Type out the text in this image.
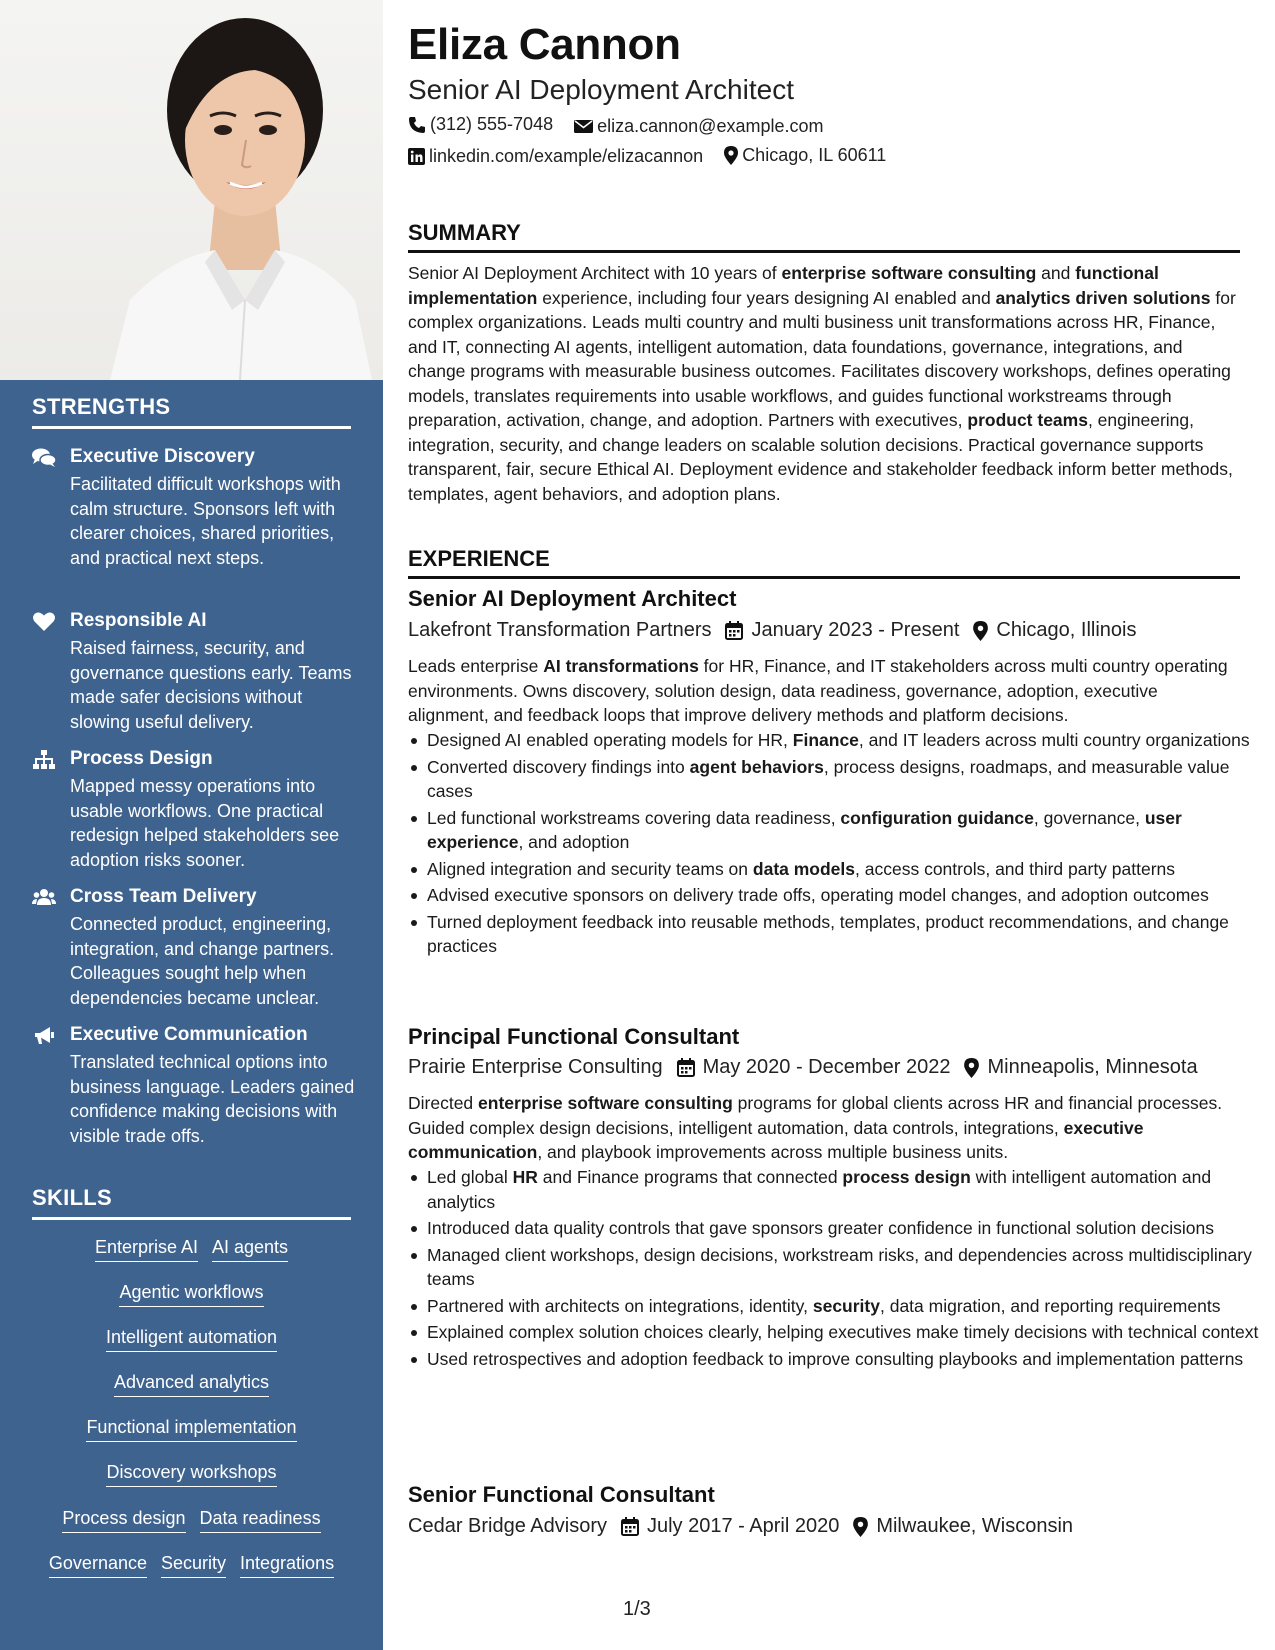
STRENGTHS
Executive Discovery
Facilitated difficult workshops with calm structure. Sponsors left with clearer choices, shared priorities, and practical next steps.
Responsible AI
Raised fairness, security, and governance questions early. Teams made safer decisions without slowing useful delivery.
Process Design
Mapped messy operations into usable workflows. One practical redesign helped stakeholders see adoption risks sooner.
Cross Team Delivery
Connected product, engineering, integration, and change partners. Colleagues sought help when dependencies became unclear.
Executive Communication
Translated technical options into business language. Leaders gained confidence making decisions with visible trade offs.
SKILLS
Enterprise AI AI agents
Agentic workflows
Intelligent automation
Advanced analytics
Functional implementation
Discovery workshops
Process design Data readiness
Governance Security Integrations
Eliza Cannon
Senior AI Deployment Architect
(312) 555-7048
eliza.cannon@example.com
linkedin.com/example/elizacannon
Chicago, IL 60611
SUMMARY
Senior AI Deployment Architect with 10 years of enterprise software consulting and functional implementation experience, including four years designing AI enabled and analytics driven solutions for complex organizations. Leads multi country and multi business unit transformations across HR, Finance, and IT, connecting AI agents, intelligent automation, data foundations, governance, integrations, and change programs with measurable business outcomes. Facilitates discovery workshops, defines operating models, translates requirements into usable workflows, and guides functional workstreams through preparation, activation, change, and adoption. Partners with executives, product teams, engineering, integration, security, and change leaders on scalable solution decisions. Practical governance supports transparent, fair, secure Ethical AI. Deployment evidence and stakeholder feedback inform better methods, templates, agent behaviors, and adoption plans.
EXPERIENCE
Senior AI Deployment Architect
Lakefront Transformation Partners January 2023 - Present Chicago, Illinois
Leads enterprise AI transformations for HR, Finance, and IT stakeholders across multi country operating environments. Owns discovery, solution design, data readiness, governance, adoption, executive alignment, and feedback loops that improve delivery methods and platform decisions.
Designed AI enabled operating models for HR, Finance, and IT leaders across multi country organizations
Converted discovery findings into agent behaviors, process designs, roadmaps, and measurable value cases
Led functional workstreams covering data readiness, configuration guidance, governance, user experience, and adoption
Aligned integration and security teams on data models, access controls, and third party patterns
Advised executive sponsors on delivery trade offs, operating model changes, and adoption outcomes
Turned deployment feedback into reusable methods, templates, product recommendations, and change practices
Principal Functional Consultant
Prairie Enterprise Consulting May 2020 - December 2022 Minneapolis, Minnesota
Directed enterprise software consulting programs for global clients across HR and financial processes. Guided complex design decisions, intelligent automation, data controls, integrations, executive communication, and playbook improvements across multiple business units.
Led global HR and Finance programs that connected process design with intelligent automation and analytics
Introduced data quality controls that gave sponsors greater confidence in functional solution decisions
Managed client workshops, design decisions, workstream risks, and dependencies across multidisciplinary teams
Partnered with architects on integrations, identity, security, data migration, and reporting requirements
Explained complex solution choices clearly, helping executives make timely decisions with technical context
Used retrospectives and adoption feedback to improve consulting playbooks and implementation patterns
Senior Functional Consultant
Cedar Bridge Advisory July 2017 - April 2020 Milwaukee, Wisconsin
1/3
